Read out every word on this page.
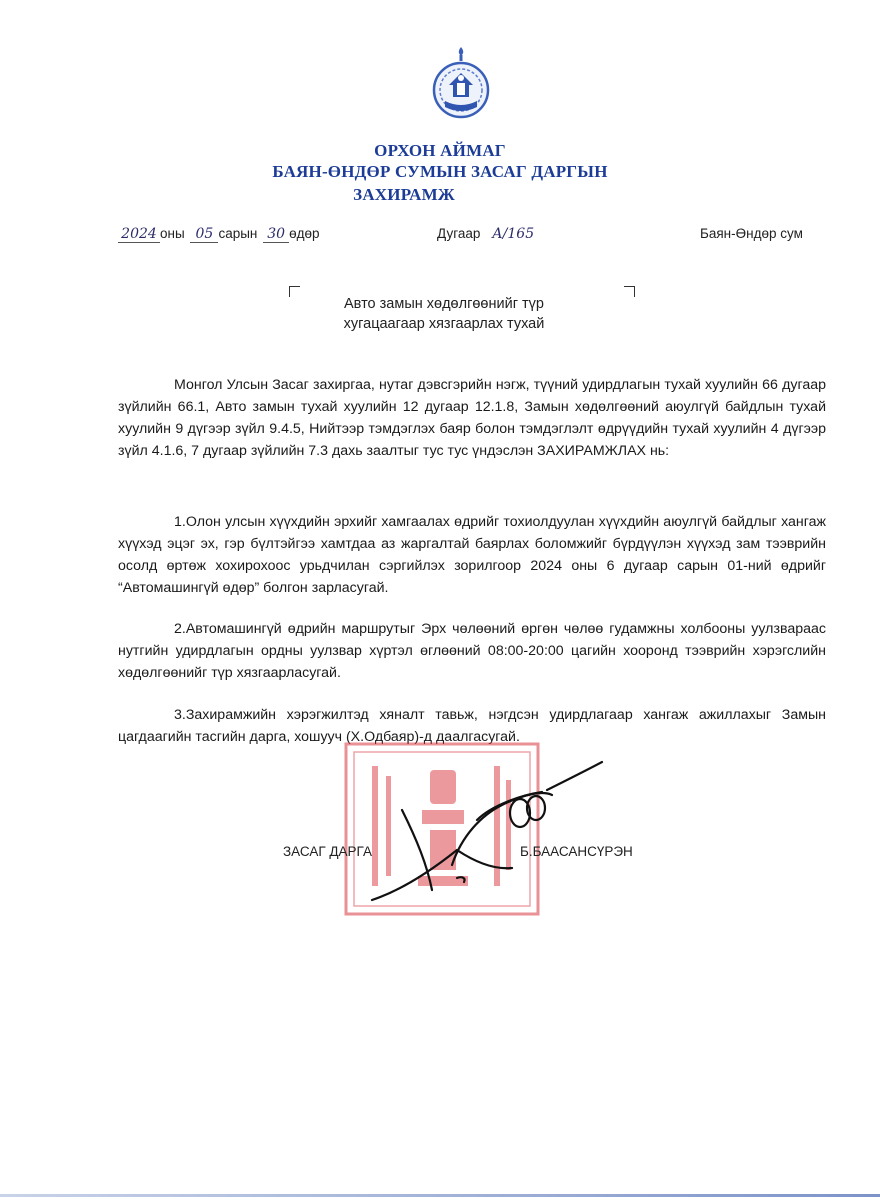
ОРХОН АЙМАГ
БАЯН-ӨНДӨР СУМЫН ЗАСАГ ДАРГЫН
ЗАХИРАМЖ
2024 оны 05 сарын 30 өдөр	Дугаар А/165	Баян-Өндөр сум
Авто замын хөдөлгөөнийг түр
хугацаагаар хязгаарлах тухай

Монгол Улсын Засаг захиргаа, нутаг дэвсгэрийн нэгж, түүний удирдлагын тухай хуулийн 66 дугаар зүйлийн 66.1, Авто замын тухай хуулийн 12 дугаар 12.1.8, Замын хөдөлгөөний аюулгүй байдлын тухай хуулийн 9 дүгээр зүйл 9.4.5, Нийтээр тэмдэглэх баяр болон тэмдэглэлт өдрүүдийн тухай хуулийн 4 дүгээр зүйл 4.1.6, 7 дугаар зүйлийн 7.3 дахь заалтыг тус тус үндэслэн ЗАХИРАМЖЛАХ нь:

1.Олон улсын хүүхдийн эрхийг хамгаалах өдрийг тохиолдуулан хүүхдийн аюулгүй байдлыг хангаж хүүхэд эцэг эх, гэр бүлтэйгээ хамтдаа аз жаргалтай баярлах боломжийг бүрдүүлэн хүүхэд зам тээврийн осолд өртөж хохирохоос урьдчилан сэргийлэх зорилгоор 2024 оны 6 дугаар сарын 01-ний өдрийг “Автомашингүй өдөр” болгон зарласугай.

2.Автомашингүй өдрийн маршрутыг Эрх чөлөөний өргөн чөлөө гудамжны холбооны уулзвараас нутгийн удирдлагын ордны уулзвар хүртэл өглөөний 08:00-20:00 цагийн хооронд тээврийн хэрэгслийн хөдөлгөөнийг түр хязгаарласугай.

3.Захирамжийн хэрэгжилтэд хяналт тавьж, нэгдсэн удирдлагаар хангаж ажиллахыг Замын цагдаагийн тасгийн дарга, хошууч (Х.Одбаяр)-д даалгасугай.

ЗАСАГ ДАРГА	Б.БААСАНСҮРЭН
